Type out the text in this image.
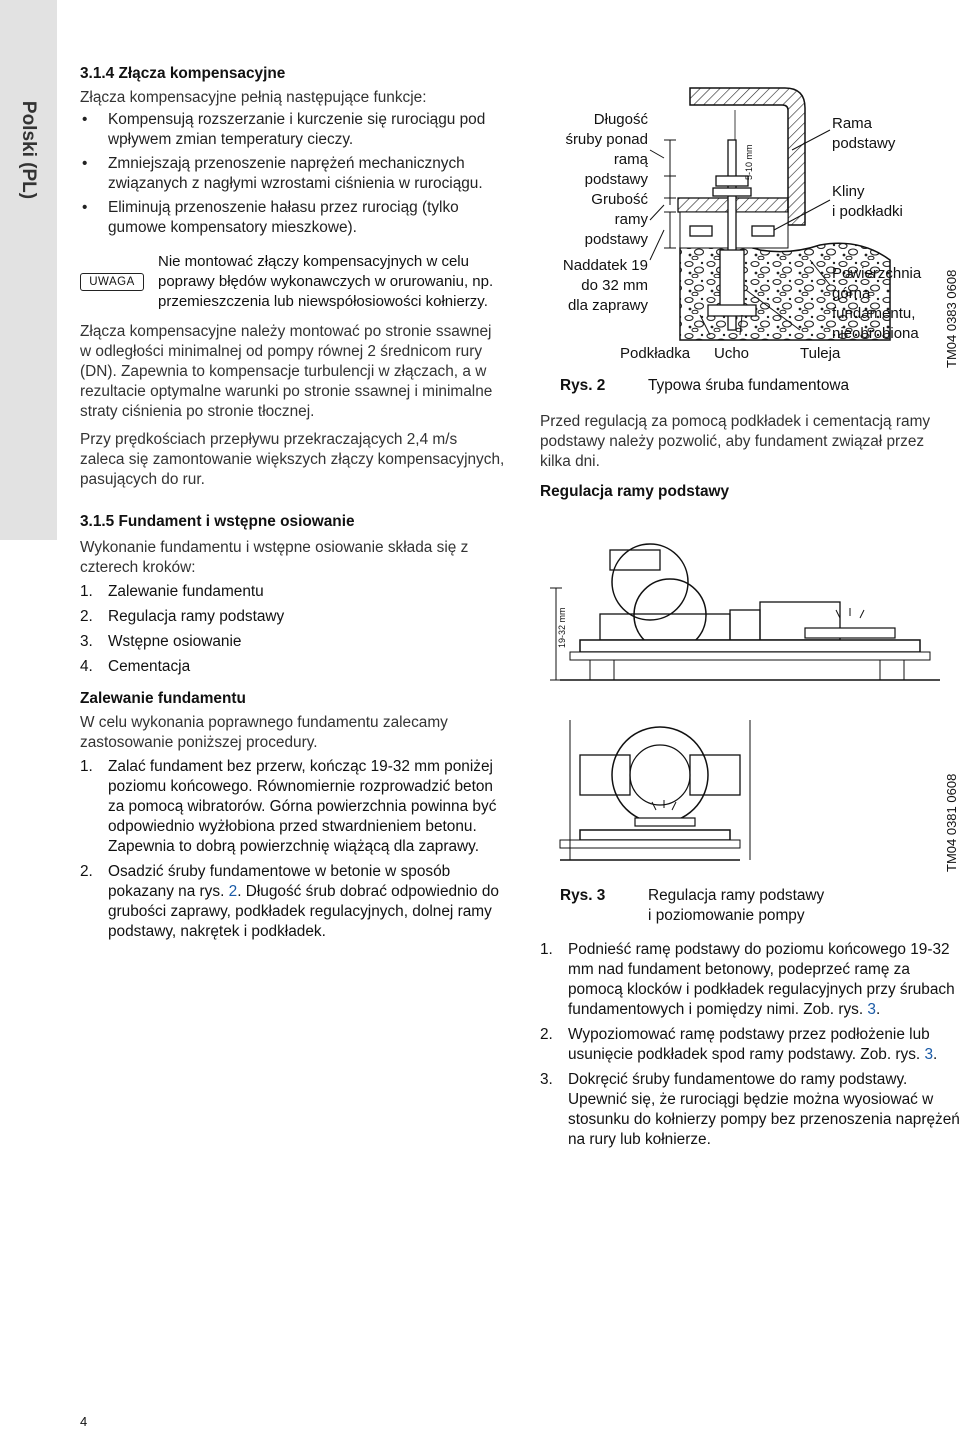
Polski (PL)
3.1.4 Złącza kompensacyjne

Złącza kompensacyjne pełnią następujące funkcje:

• Kompensują rozszerzanie i kurczenie się rurociągu pod wpływem zmian temperatury cieczy.
• Zmniejszają przenoszenie naprężeń mechanicznych związanych z nagłymi wzrostami ciśnienia w rurociągu.
• Eliminują przenoszenie hałasu przez rurociąg (tylko gumowe kompensatory mieszkowe).
UWAGA
Nie montować złączy kompensacyjnych w celu poprawy błędów wykonawczych w orurowaniu, np. przemieszczenia lub niewspółosiowości kołnierzy.

Złącza kompensacyjne należy montować po stronie ssawnej w odległości minimalnej od pompy równej 2 średnicom rury (DN). Zapewnia to kompensacje turbulencji w złączach, a w rezultacie optymalne warunki po stronie ssawnej i minimalne straty ciśnienia po stronie tłocznej.

Przy prędkościach przepływu przekraczających 2,4 m/s zaleca się zamontowanie większych złączy kompensacyjnych, pasujących do rur.

3.1.5 Fundament i wstępne osiowanie

Wykonanie fundamentu i wstępne osiowanie składa się z czterech kroków:

1. Zalewanie fundamentu
2. Regulacja ramy podstawy
3. Wstępne osiowanie
4. Cementacja
Zalewanie fundamentu

W celu wykonania poprawnego fundamentu zalecamy zastosowanie poniższej procedury.

1. Zalać fundament bez przerw, kończąc 19-32 mm poniżej poziomu końcowego. Równomiernie rozprowadzić beton za pomocą wibratorów. Górna powierzchnia powinna być odpowiednio wyżłobiona przed stwardnieniem betonu. Zapewnia to dobrą powierzchnię wiążącą dla zaprawy.
2. Osadzić śruby fundamentowe w betonie w sposób pokazany na rys. 2. Długość śrub dobrać odpowiednio do grubości zaprawy, podkładek regulacyjnych, dolnej ramy podstawy, nakrętek i podkładek.
Długość
śruby ponad
ramą
podstawy
Grubość
ramy
podstawy
Naddatek 19
do 32 mm
dla zaprawy
5-10 mm
Rama
podstawy
Kliny
i podkładki
Powierzchnia
górna
fundamentu,
nieobrobiona
Podkładka Ucho	Tuleja	TM04 0383 0608
Rys. 2	Typowa śruba fundamentowa
Przed regulacją za pomocą podkładek i cementacją ramy podstawy należy pozwolić, aby fundament związał przez kilka dni.
Regulacja ramy podstawy
19-32 mm
TM04 0381 0608
Rys. 3	Regulacja ramy podstawy
i poziomowanie pompy
1. Podnieść ramę podstawy do poziomu końcowego 19-32 mm nad fundament betonowy, podeprzeć ramę za pomocą klocków i podkładek regulacyjnych przy śrubach fundamentowych i pomiędzy nimi. Zob. rys. 3.
2. Wypoziomować ramę podstawy przez podłożenie lub usunięcie podkładek spod ramy podstawy. Zob. rys. 3.
3. Dokręcić śruby fundamentowe do ramy podstawy. Upewnić się, że rurociągi będzie można wyosiować w stosunku do kołnierzy pompy bez przenoszenia naprężeń na rury lub kołnierze.
4
